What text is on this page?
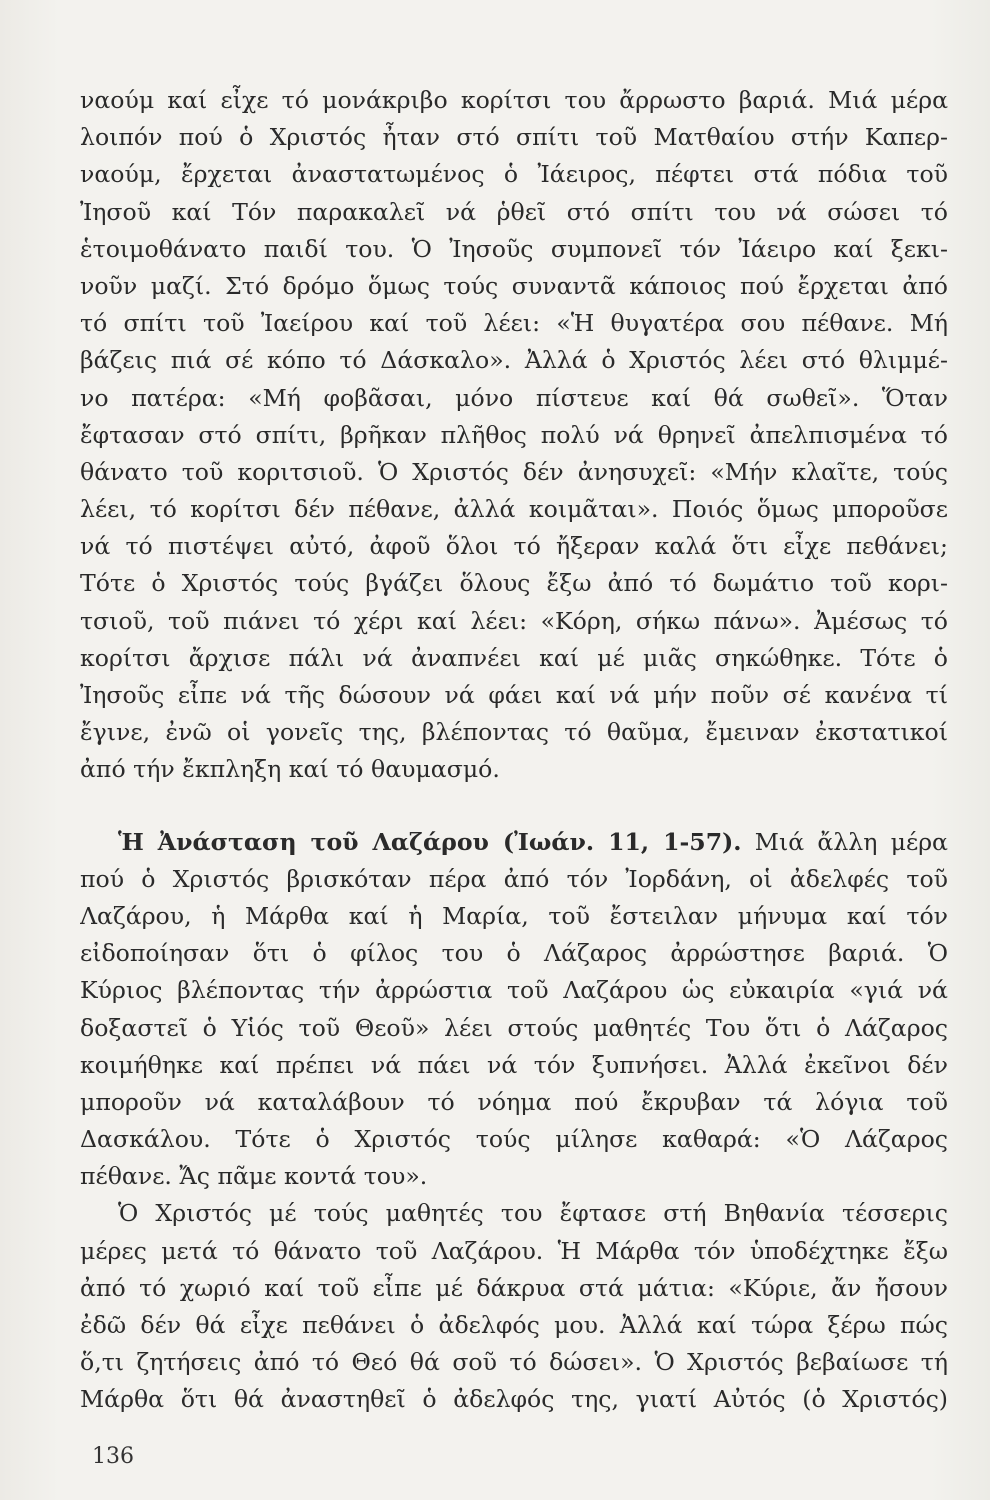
ναούμ καί εἶχε τό μονάκριβο κορίτσι του ἄρρωστο βαριά. Μιά μέρα
λοιπόν πού ὁ Χριστός ἦταν στό σπίτι τοῦ Ματθαίου στήν Καπερ-
ναούμ, ἔρχεται ἀναστατωμένος ὁ Ἰάειρος, πέφτει στά πόδια τοῦ
Ἰησοῦ καί Τόν παρακαλεῖ νά ῥθεῖ στό σπίτι του νά σώσει τό
ἑτοιμοθάνατο παιδί του. Ὁ Ἰησοῦς συμπονεῖ τόν Ἰάειρο καί ξεκι-
νοῦν μαζί. Στό δρόμο ὅμως τούς συναντᾶ κάποιος πού ἔρχεται ἀπό
τό σπίτι τοῦ Ἰαείρου καί τοῦ λέει: «Ἡ θυγατέρα σου πέθανε. Μή
βάζεις πιά σέ κόπο τό Δάσκαλο». Ἀλλά ὁ Χριστός λέει στό θλιμμέ-
νο πατέρα: «Μή φοβᾶσαι, μόνο πίστευε καί θά σωθεῖ». Ὅταν
ἔφτασαν στό σπίτι, βρῆκαν πλῆθος πολύ νά θρηνεῖ ἀπελπισμένα τό
θάνατο τοῦ κοριτσιοῦ. Ὁ Χριστός δέν ἀνησυχεῖ: «Μήν κλαῖτε, τούς
λέει, τό κορίτσι δέν πέθανε, ἀλλά κοιμᾶται». Ποιός ὅμως μποροῦσε
νά τό πιστέψει αὐτό, ἀφοῦ ὅλοι τό ἤξεραν καλά ὅτι εἶχε πεθάνει;
Τότε ὁ Χριστός τούς βγάζει ὅλους ἔξω ἀπό τό δωμάτιο τοῦ κορι-
τσιοῦ, τοῦ πιάνει τό χέρι καί λέει: «Κόρη, σήκω πάνω». Ἀμέσως τό
κορίτσι ἄρχισε πάλι νά ἀναπνέει καί μέ μιᾶς σηκώθηκε. Τότε ὁ
Ἰησοῦς εἶπε νά τῆς δώσουν νά φάει καί νά μήν ποῦν σέ κανένα τί
ἔγινε, ἐνῶ οἱ γονεῖς της, βλέποντας τό θαῦμα, ἔμειναν ἐκστατικοί
ἀπό τήν ἔκπληξη καί τό θαυμασμό.
Ἡ Ἀνάσταση τοῦ Λαζάρου (Ἰωάν. 11, 1-57). Μιά ἄλλη μέρα
πού ὁ Χριστός βρισκόταν πέρα ἀπό τόν Ἰορδάνη, οἱ ἀδελφές τοῦ
Λαζάρου, ἡ Μάρθα καί ἡ Μαρία, τοῦ ἔστειλαν μήνυμα καί τόν
εἰδοποίησαν ὅτι ὁ φίλος του ὁ Λάζαρος ἀρρώστησε βαριά. Ὁ
Κύριος βλέποντας τήν ἀρρώστια τοῦ Λαζάρου ὡς εὐκαιρία «γιά νά
δοξαστεῖ ὁ Υἱός τοῦ Θεοῦ» λέει στούς μαθητές Του ὅτι ὁ Λάζαρος
κοιμήθηκε καί πρέπει νά πάει νά τόν ξυπνήσει. Ἀλλά ἐκεῖνοι δέν
μποροῦν νά καταλάβουν τό νόημα πού ἔκρυβαν τά λόγια τοῦ
Δασκάλου. Τότε ὁ Χριστός τούς μίλησε καθαρά: «Ὁ Λάζαρος
πέθανε. Ἄς πᾶμε κοντά του».
Ὁ Χριστός μέ τούς μαθητές του ἔφτασε στή Βηθανία τέσσερις
μέρες μετά τό θάνατο τοῦ Λαζάρου. Ἡ Μάρθα τόν ὑποδέχτηκε ἔξω
ἀπό τό χωριό καί τοῦ εἶπε μέ δάκρυα στά μάτια: «Κύριε, ἄν ἤσουν
ἐδῶ δέν θά εἶχε πεθάνει ὁ ἀδελφός μου. Ἀλλά καί τώρα ξέρω πώς
ὅ,τι ζητήσεις ἀπό τό Θεό θά σοῦ τό δώσει». Ὁ Χριστός βεβαίωσε τή
Μάρθα ὅτι θά ἀναστηθεῖ ὁ ἀδελφός της, γιατί Αὐτός (ὁ Χριστός)
136
